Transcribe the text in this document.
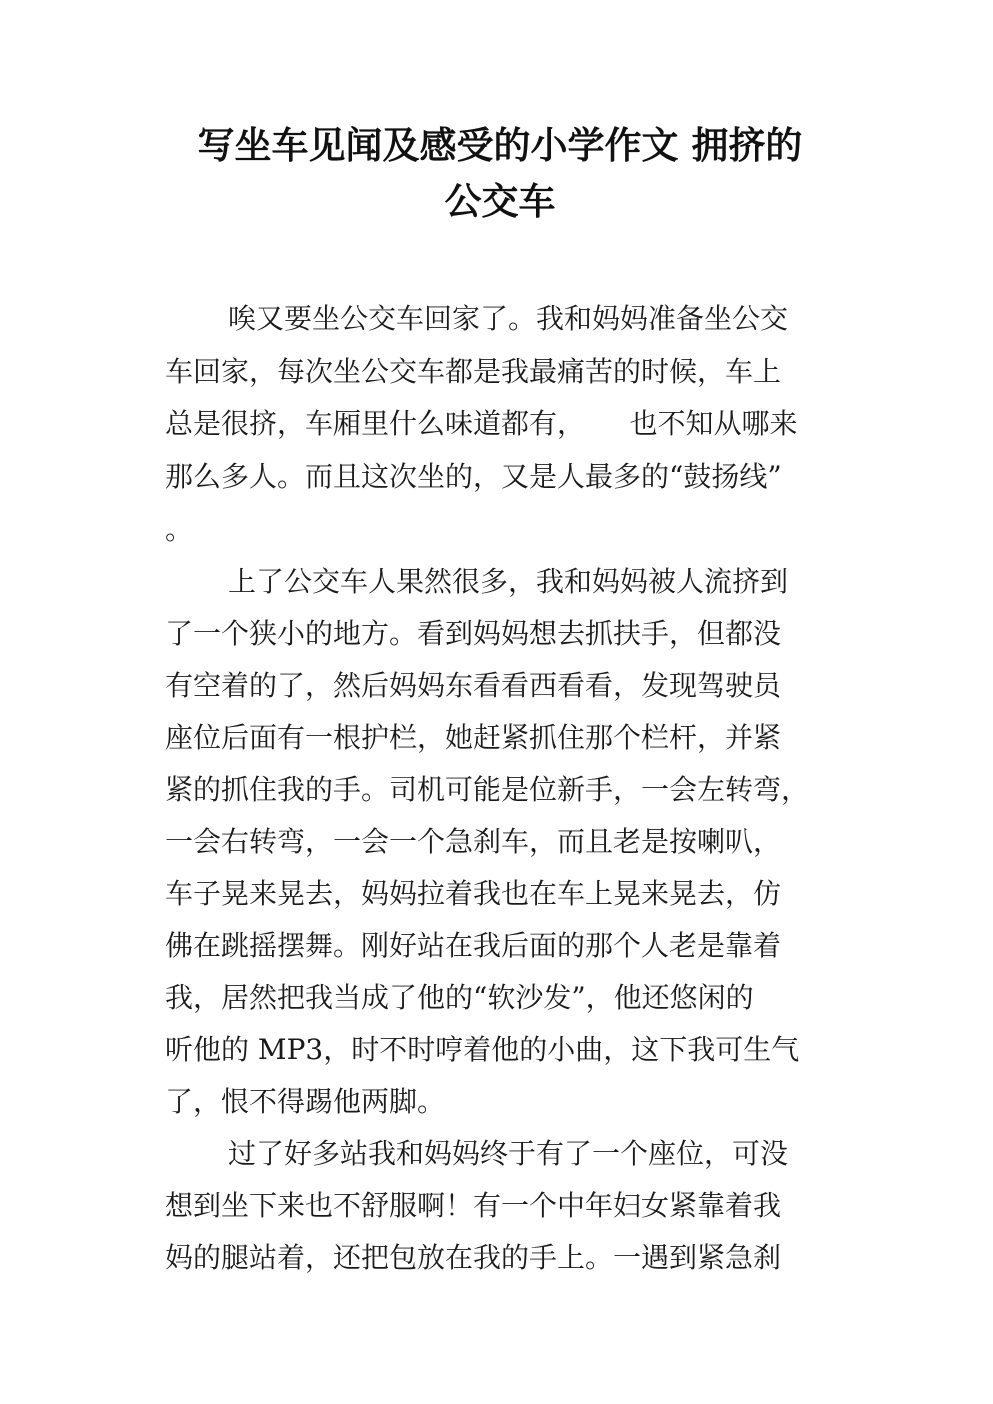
写坐车见闻及感受的小学作文 拥挤的
公交车

唉又要坐公交车回家了。我和妈妈准备坐公交

车回家，每次坐公交车都是我最痛苦的时候，车上

总是很挤，车厢里什么味道都有，     也不知从哪来

那么多人。而且这次坐的，又是人最多的“鼓扬线”

。

上了公交车人果然很多，我和妈妈被人流挤到

了一个狭小的地方。看到妈妈想去抓扶手，但都没

有空着的了，然后妈妈东看看西看看，发现驾驶员

座位后面有一根护栏，她赶紧抓住那个栏杆，并紧

紧的抓住我的手。司机可能是位新手，一会左转弯，

一会右转弯，一会一个急刹车，而且老是按喇叭，

车子晃来晃去，妈妈拉着我也在车上晃来晃去，仿

佛在跳摇摆舞。刚好站在我后面的那个人老是靠着

我，居然把我当成了他的“软沙发”，他还悠闲的

听他的 MP3，时不时哼着他的小曲，这下我可生气

了，恨不得踢他两脚。

过了好多站我和妈妈终于有了一个座位，可没

想到坐下来也不舒服啊！有一个中年妇女紧靠着我

妈的腿站着，还把包放在我的手上。一遇到紧急刹
